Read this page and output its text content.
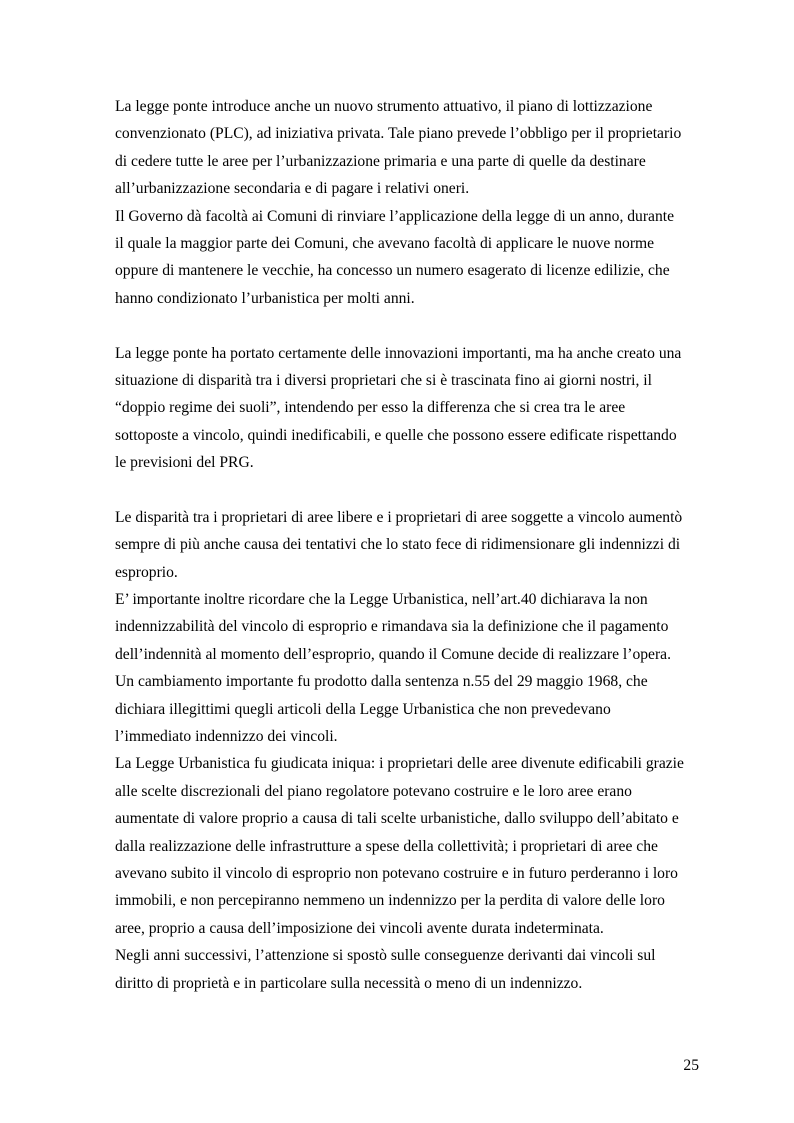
La legge ponte introduce anche un nuovo strumento attuativo, il piano di lottizzazione
convenzionato (PLC), ad iniziativa privata. Tale piano prevede l’obbligo per il proprietario
di cedere tutte le aree per l’urbanizzazione primaria e una parte di quelle da destinare
all’urbanizzazione secondaria e di pagare i relativi oneri.
Il Governo dà facoltà ai Comuni di rinviare l’applicazione della legge di un anno, durante
il quale la maggior parte dei Comuni, che avevano facoltà di applicare le nuove norme
oppure di mantenere le vecchie, ha concesso un numero esagerato di licenze edilizie, che
hanno condizionato l’urbanistica per molti anni.
La legge ponte ha portato certamente delle innovazioni importanti, ma ha anche creato una
situazione di disparità tra i diversi proprietari che si è trascinata fino ai giorni nostri, il
“doppio regime dei suoli”, intendendo per esso la differenza che si crea tra le aree
sottoposte a vincolo, quindi inedificabili, e quelle che possono essere edificate rispettando
le previsioni del PRG.
Le disparità tra i proprietari di aree libere e i proprietari di aree soggette a vincolo aumentò
sempre di più anche causa dei tentativi che lo stato fece di ridimensionare gli indennizzi di
esproprio.
E’ importante inoltre ricordare che la Legge Urbanistica, nell’art.40 dichiarava la non
indennizzabilità del vincolo di esproprio e rimandava sia la definizione che il pagamento
dell’indennità al momento dell’esproprio, quando il Comune decide di realizzare l’opera.
Un cambiamento importante fu prodotto dalla sentenza n.55 del 29 maggio 1968, che
dichiara illegittimi quegli articoli della Legge Urbanistica che non prevedevano
l’immediato indennizzo dei vincoli.
La Legge Urbanistica fu giudicata iniqua: i proprietari delle aree divenute edificabili grazie
alle scelte discrezionali del piano regolatore potevano costruire e le loro aree erano
aumentate di valore proprio a causa di tali scelte urbanistiche, dallo sviluppo dell’abitato e
dalla realizzazione delle infrastrutture a spese della collettività; i proprietari di aree che
avevano subito il vincolo di esproprio non potevano costruire e in futuro perderanno i loro
immobili, e non percepiranno nemmeno un indennizzo per la perdita di valore delle loro
aree, proprio a causa dell’imposizione dei vincoli avente durata indeterminata.
Negli anni successivi, l’attenzione si spostò sulle conseguenze derivanti dai vincoli sul
diritto di proprietà e in particolare sulla necessità o meno di un indennizzo.
25
